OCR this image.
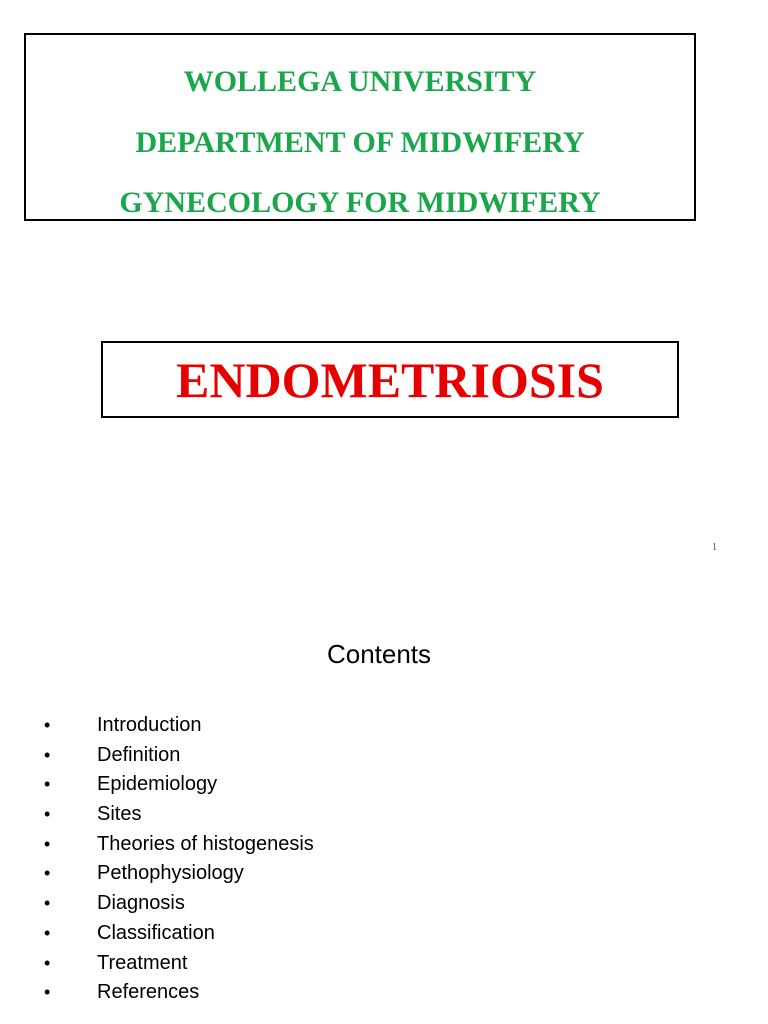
WOLLEGA UNIVERSITY
DEPARTMENT OF MIDWIFERY
GYNECOLOGY FOR MIDWIFERY
ENDOMETRIOSIS
1
Contents
• Introduction
• Definition
• Epidemiology
• Sites
• Theories of histogenesis
• Pethophysiology
• Diagnosis
• Classification
• Treatment
• References
